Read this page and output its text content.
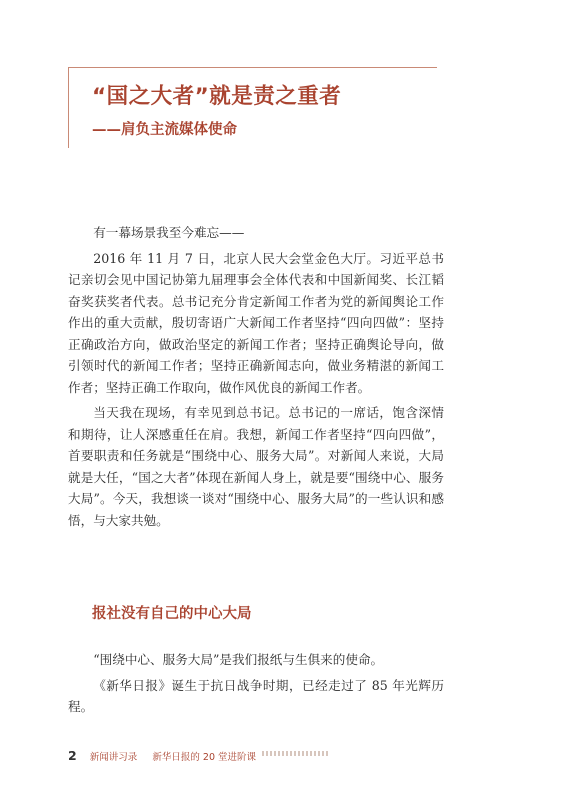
“国之大者”就是责之重者
——肩负主流媒体使命

有一幕场景我至今难忘——

2016 年 11 月 7 日，北京人民大会堂金色大厅。习近平总书记亲切会见中国记协第九届理事会全体代表和中国新闻奖、长江韬奋奖获奖者代表。总书记充分肯定新闻工作者为党的新闻舆论工作作出的重大贡献，殷切寄语广大新闻工作者坚持“四向四做”：坚持正确政治方向，做政治坚定的新闻工作者；坚持正确舆论导向，做引领时代的新闻工作者；坚持正确新闻志向，做业务精湛的新闻工作者；坚持正确工作取向，做作风优良的新闻工作者。

当天我在现场，有幸见到总书记。总书记的一席话，饱含深情和期待，让人深感重任在肩。我想，新闻工作者坚持“四向四做”，首要职责和任务就是“围绕中心、服务大局”。对新闻人来说，大局就是大任，“国之大者”体现在新闻人身上，就是要“围绕中心、服务大局”。今天，我想谈一谈对“围绕中心、服务大局”的一些认识和感悟，与大家共勉。

报社没有自己的中心大局

“围绕中心、服务大局”是我们报纸与生俱来的使命。

《新华日报》诞生于抗日战争时期，已经走过了 85 年光辉历程。

2 新闻讲习录 新华日报的 20 堂进阶课
